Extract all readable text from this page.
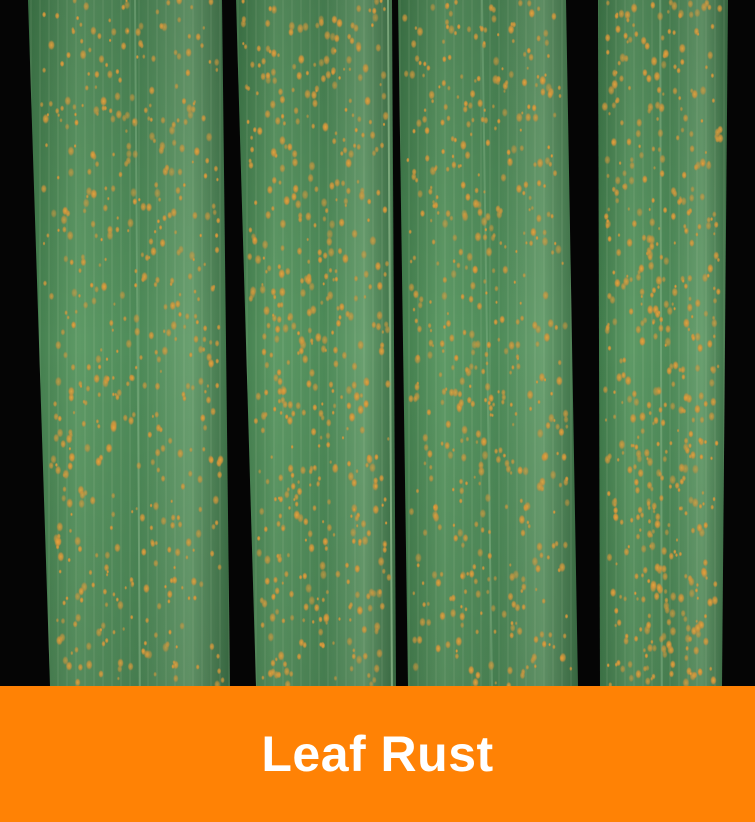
Leaf Rust
